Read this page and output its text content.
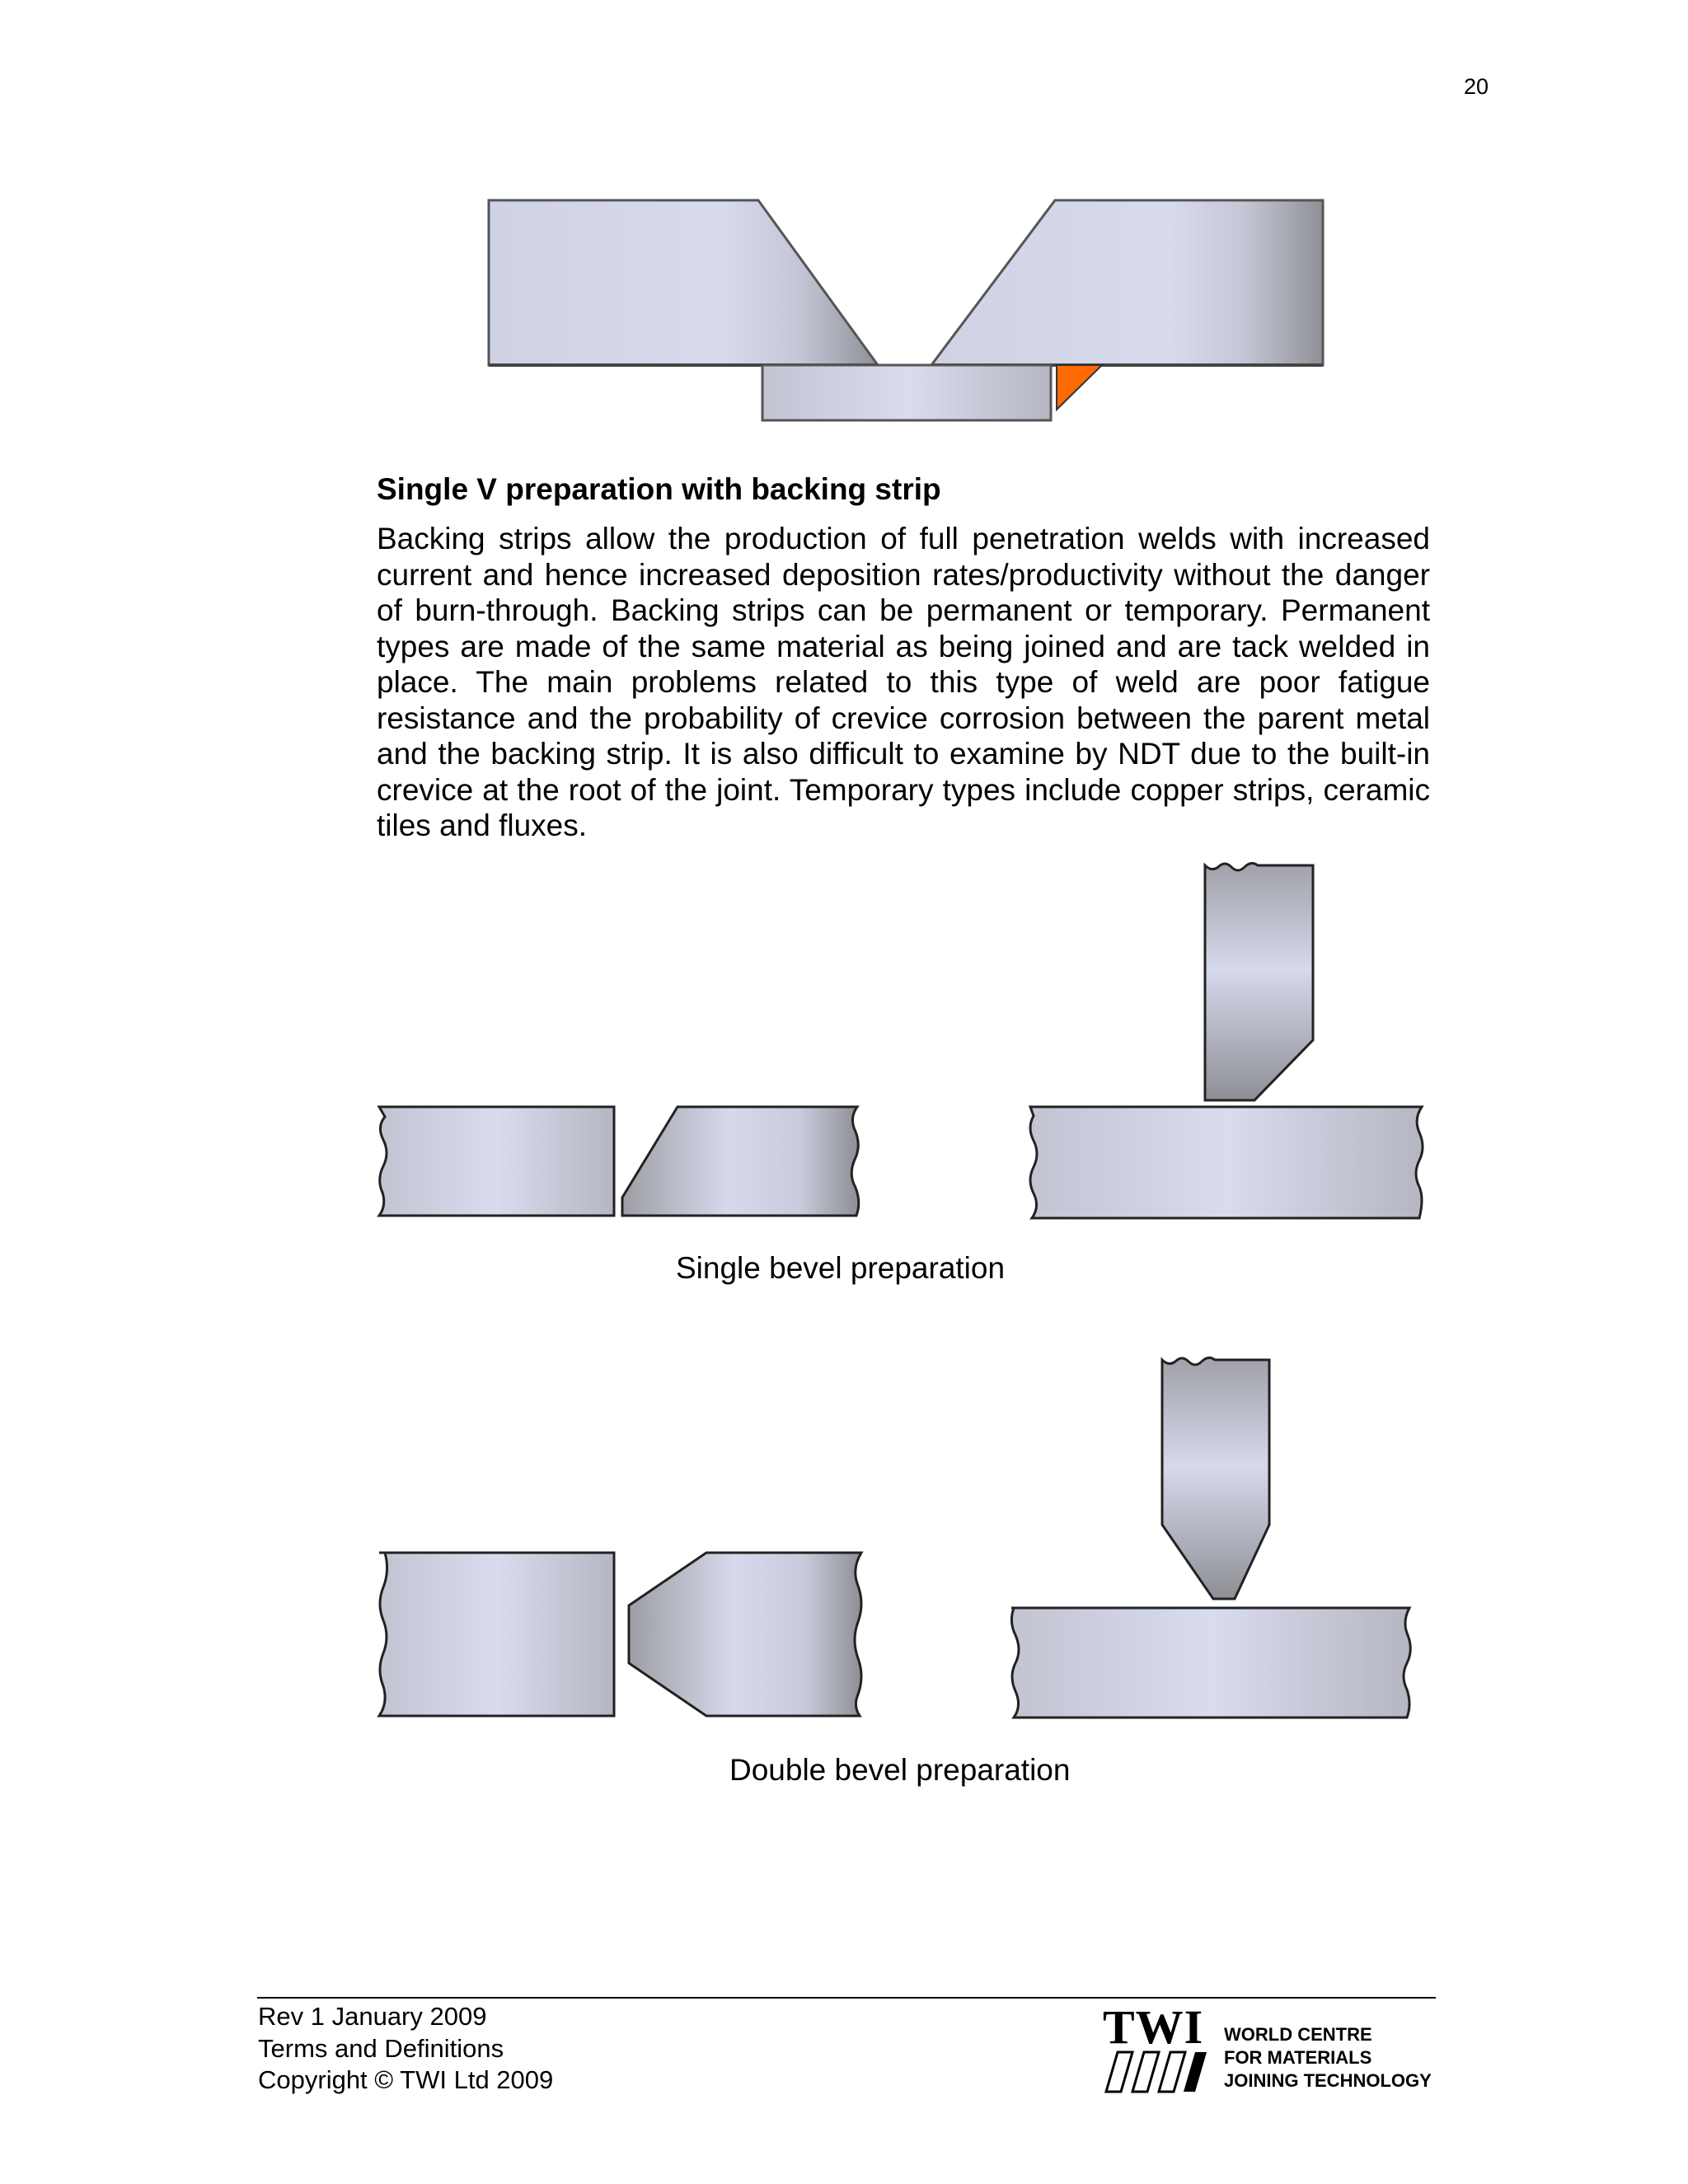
20
Single V preparation with backing strip
Backing strips allow the production of full penetration welds with increased current and hence increased deposition rates/productivity without the danger of burn-through. Backing strips can be permanent or temporary. Permanent types are made of the same material as being joined and are tack welded in place. The main problems related to this type of weld are poor fatigue resistance and the probability of crevice corrosion between the parent metal and the backing strip. It is also difficult to examine by NDT due to the built-in crevice at the root of the joint. Temporary types include copper strips, ceramic tiles and fluxes.
Single bevel preparation
Double bevel preparation
Rev 1 January 2009
Terms and Definitions
Copyright © TWI Ltd 2009
TWI WORLD CENTRE
FOR MATERIALS
JOINING TECHNOLOGY
